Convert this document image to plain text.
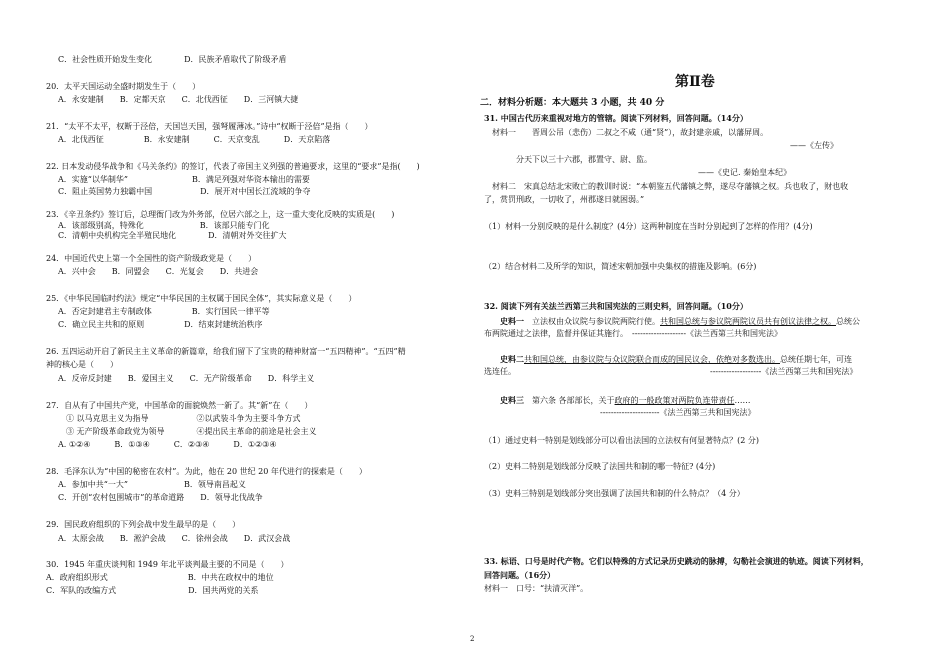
C．社会性质开始发生变化　　　　D．民族矛盾取代了阶级矛盾
20．太平天国运动全盛时期发生于（　　）
A．永安建制　　B．定都天京　　C．北伐西征　　D．三河镇大捷
21．“太平不太平，权断于泾倍，天国岂天国，强弩履薄冰。”诗中“权断于泾倍”是指（　　）
A．北伐西征　　　　　B．永安建制　　　C．天京变乱　　　D．天京陷落
22. 日本发动侵华战争和《马关条约》的签订，代表了帝国主义列强的普遍要求，这里的“要求”是指(　　)
A．实施“以华制华”　　　　　　　　B．满足列强对华资本输出的需要
C．阻止英国势力独霸中国　　　　　　D．展开对中国长江流域的争夺
23．《辛丑条约》签订后，总理衙门改为外务部，位居六部之上，这一重大变化反映的实质是(　　)
A．该部级别高，特殊化　　　　　　　B．该部只能专门化
C．清朝中央机构完全半殖民地化　　　　D．清朝对外交往扩大
24．中国近代史上第一个全国性的资产阶级政党是（　　）
A．兴中会　　B．同盟会　　C．光复会　　D．共进会
25．《中华民国临时约法》规定“中华民国的主权属于国民全体”，其实际意义是（　　）
A．否定封建君主专制政体　　　　　B．实行国民一律平等
C．确立民主共和的原则　　　　　D．结束封建统治秩序
26. 五四运动开启了新民主主义革命的新篇章，给我们留下了宝贵的精神财富一“五四精神”。“五四”精
神的核心是（　　）
A．反帝反封建　　B．爱国主义　　C．无产阶级革命　　D．科学主义
27．自从有了中国共产党，中国革命的面貌焕然一新了。其“新”在（　　）
　① 以马克思主义为指导　　　　　　②以武装斗争为主要斗争方式
　③ 无产阶级革命政党为领导　　　　④提出民主革命的前途是社会主义
A. ①②④　　　B．①③④　　　C．②③④　　　D．①②③④
28．毛泽东认为“中国的秘密在农村”。为此，他在 20 世纪 20 年代进行的探索是（　　）
A．参加中共“一大”　　　　　　　B．领导南昌起义
C．开创“农村包围城市”的革命道路　　D．领导北伐战争
29．国民政府组织的下列会战中发生最早的是（　　）
A．太原会战　　B．淞沪会战　　C．徐州会战　　D．武汉会战
30．1945 年重庆谈判和 1949 年北平谈判最主要的不同是（　　）
A．政府组织形式　　　　　　　　　　B．中共在政权中的地位
C．军队的改编方式　　　　　　　　　D．国共两党的关系
第Ⅱ卷
二．材料分析题：本大题共 3 小题，共 40 分
31. 中国古代历来重视对地方的管辖。阅读下列材料，回答问题。（14分）
　材料一　　晋周公吊（悲伤）二叔之不咸（通“贤”），故封建亲戚，以藩屏周。
——《左传》
　　　　分天下以三十六郡，郡置守、尉、监。
——《史记. 秦始皇本纪》
　材料二　宋真总结北宋败亡的教训时说：“本朝鉴五代藩镇之弊，遂尽夺藩镇之权。兵也收了，财也收
了，赏罚刑政，一切收了，州郡遂日就困弱。”
（1）材料一分别反映的是什么制度？(4分）这两种制度在当时分别起到了怎样的作用？(4分)
（2）结合材料二及所学的知识，简述宋朝加强中央集权的措施及影响。(6分)
32. 阅读下列有关法兰西第三共和国宪法的三则史料，回答问题。（10分）
　　史料一　立法权由众议院与参议院两院行使。共和国总统与参议院两院议员共有创议法律之权。总统公
布两院通过之法律，监督并保证其施行。　 --------------------《法兰西第三共和国宪法》
　　史料二共和国总统，由参议院与众议院联合而成的国民议会，依绝对多数选出。总统任期七年，可连
选连任。	-------------------《法兰西第三共和国宪法》
　　史料三　第六条 各部部长，关于政府的一般政策对两院负连带责任……
----------------------《法兰西第三共和国宪法》
（1）通过史料一特别是划线部分可以看出法国的立法权有何显著特点？(2 分)
（2）史料二特别是划线部分反映了法国共和制的哪一特征? (4分)
（3）史料三特别是划线部分突出强调了法国共和制的什么特点？（4 分）
33. 标语、口号是时代产物。它们以特殊的方式记录历史跳动的脉搏，勾勒社会演进的轨迹。阅读下列材料，
回答问题。（16分）
材料一　口号：“扶清灭洋”。
2
